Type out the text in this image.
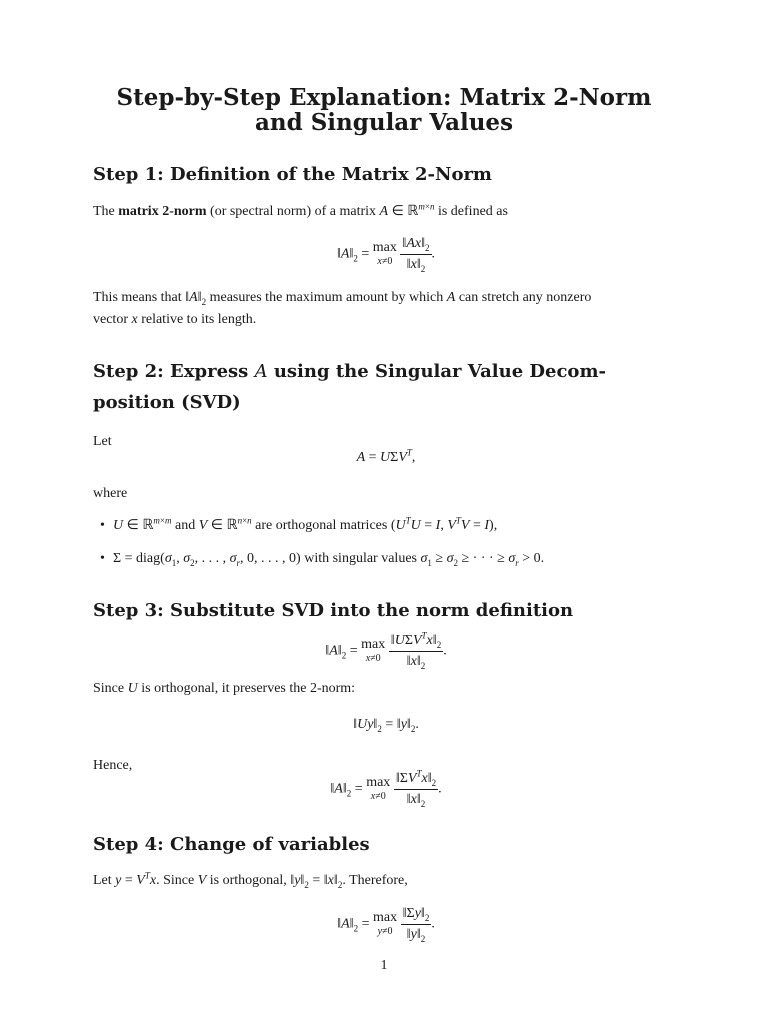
Step-by-Step Explanation: Matrix 2-Norm
and Singular Values
Step 1: Definition of the Matrix 2-Norm
The matrix 2-norm (or spectral norm) of a matrix A ∈ ℝ$^{m\times n}$ is defined as
$‖A‖_2 = \max$
x≠0
$\frac{‖Ax‖_2}{‖x‖_2}$ .
This means that $‖A‖_2$ measures the maximum amount by which A can stretch any nonzero
vector x relative to its length.
Step 2: Express A using the Singular Value Decom-
position (SVD)
Let
$A = U\Sigma V^T$,
where
• U ∈ ℝ$^{m\times m}$ and V ∈ ℝ$^{n\times n}$ are orthogonal matrices ($U^TU = I$, $V^TV = I$),
• $\Sigma = diag(\sigma_1$, $\sigma_2$, . . . , $\sigma_r$, 0, . . . , 0) with singular values $\sigma_1 \ge \sigma_2$ ≥ · · · ≥ $\sigma_r > 0$.
Step 3: Substitute SVD into the norm definition
$‖A‖_2 = \max$
x≠0
$\frac{‖U\Sigma V^Tx‖_2}{‖x‖_2}$ .
Since U is orthogonal, it preserves the 2-norm:
$‖Uy‖_2$ = $‖y‖_2$.
Hence,
$‖A‖_2 = \max$
x≠0
$\frac{‖\Sigma V^Tx‖_2}{‖x‖_2}$ .
Step 4: Change of variables
Let $y = V^Tx$. Since V is orthogonal, $‖y‖_2$ = $‖x‖_2$. Therefore,
$‖A‖_2 = \max$
y≠0
$\frac{‖\Sigma y‖_2}{‖y‖_2}$ .
1
